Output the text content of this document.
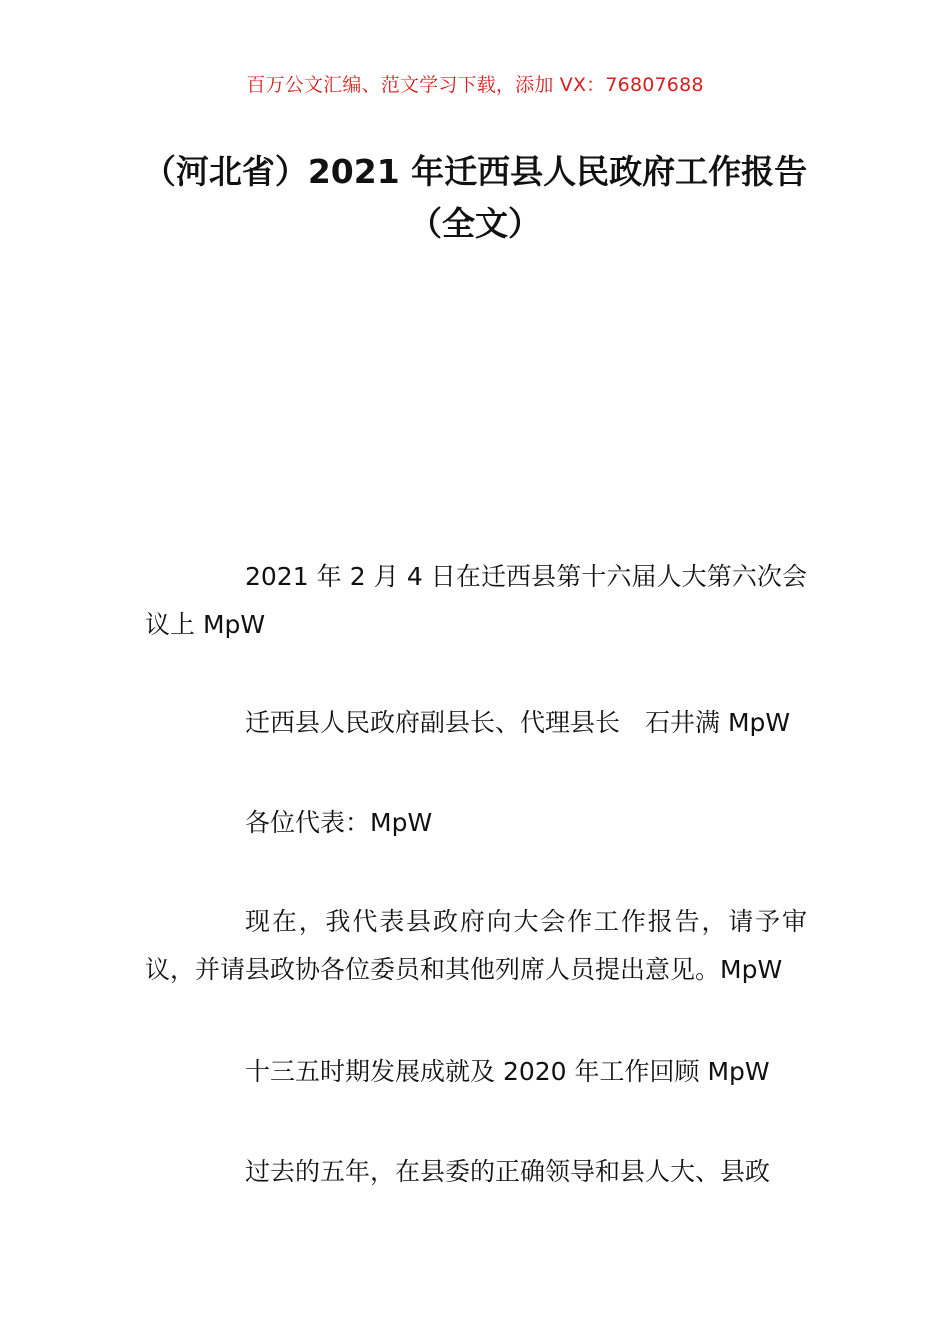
百万公文汇编、范文学习下载，添加 VX：76807688
（河北省）2021 年迁西县人民政府工作报告（全文）
2021 年 2 月 4 日在迁西县第十六届人大第六次会议上 MpW
迁西县人民政府副县长、代理县长　石井满 MpW
各位代表：MpW
现在，我代表县政府向大会作工作报告，请予审议，并请县政协各位委员和其他列席人员提出意见。MpW
十三五时期发展成就及 2020 年工作回顾 MpW
过去的五年，在县委的正确领导和县人大、县政
